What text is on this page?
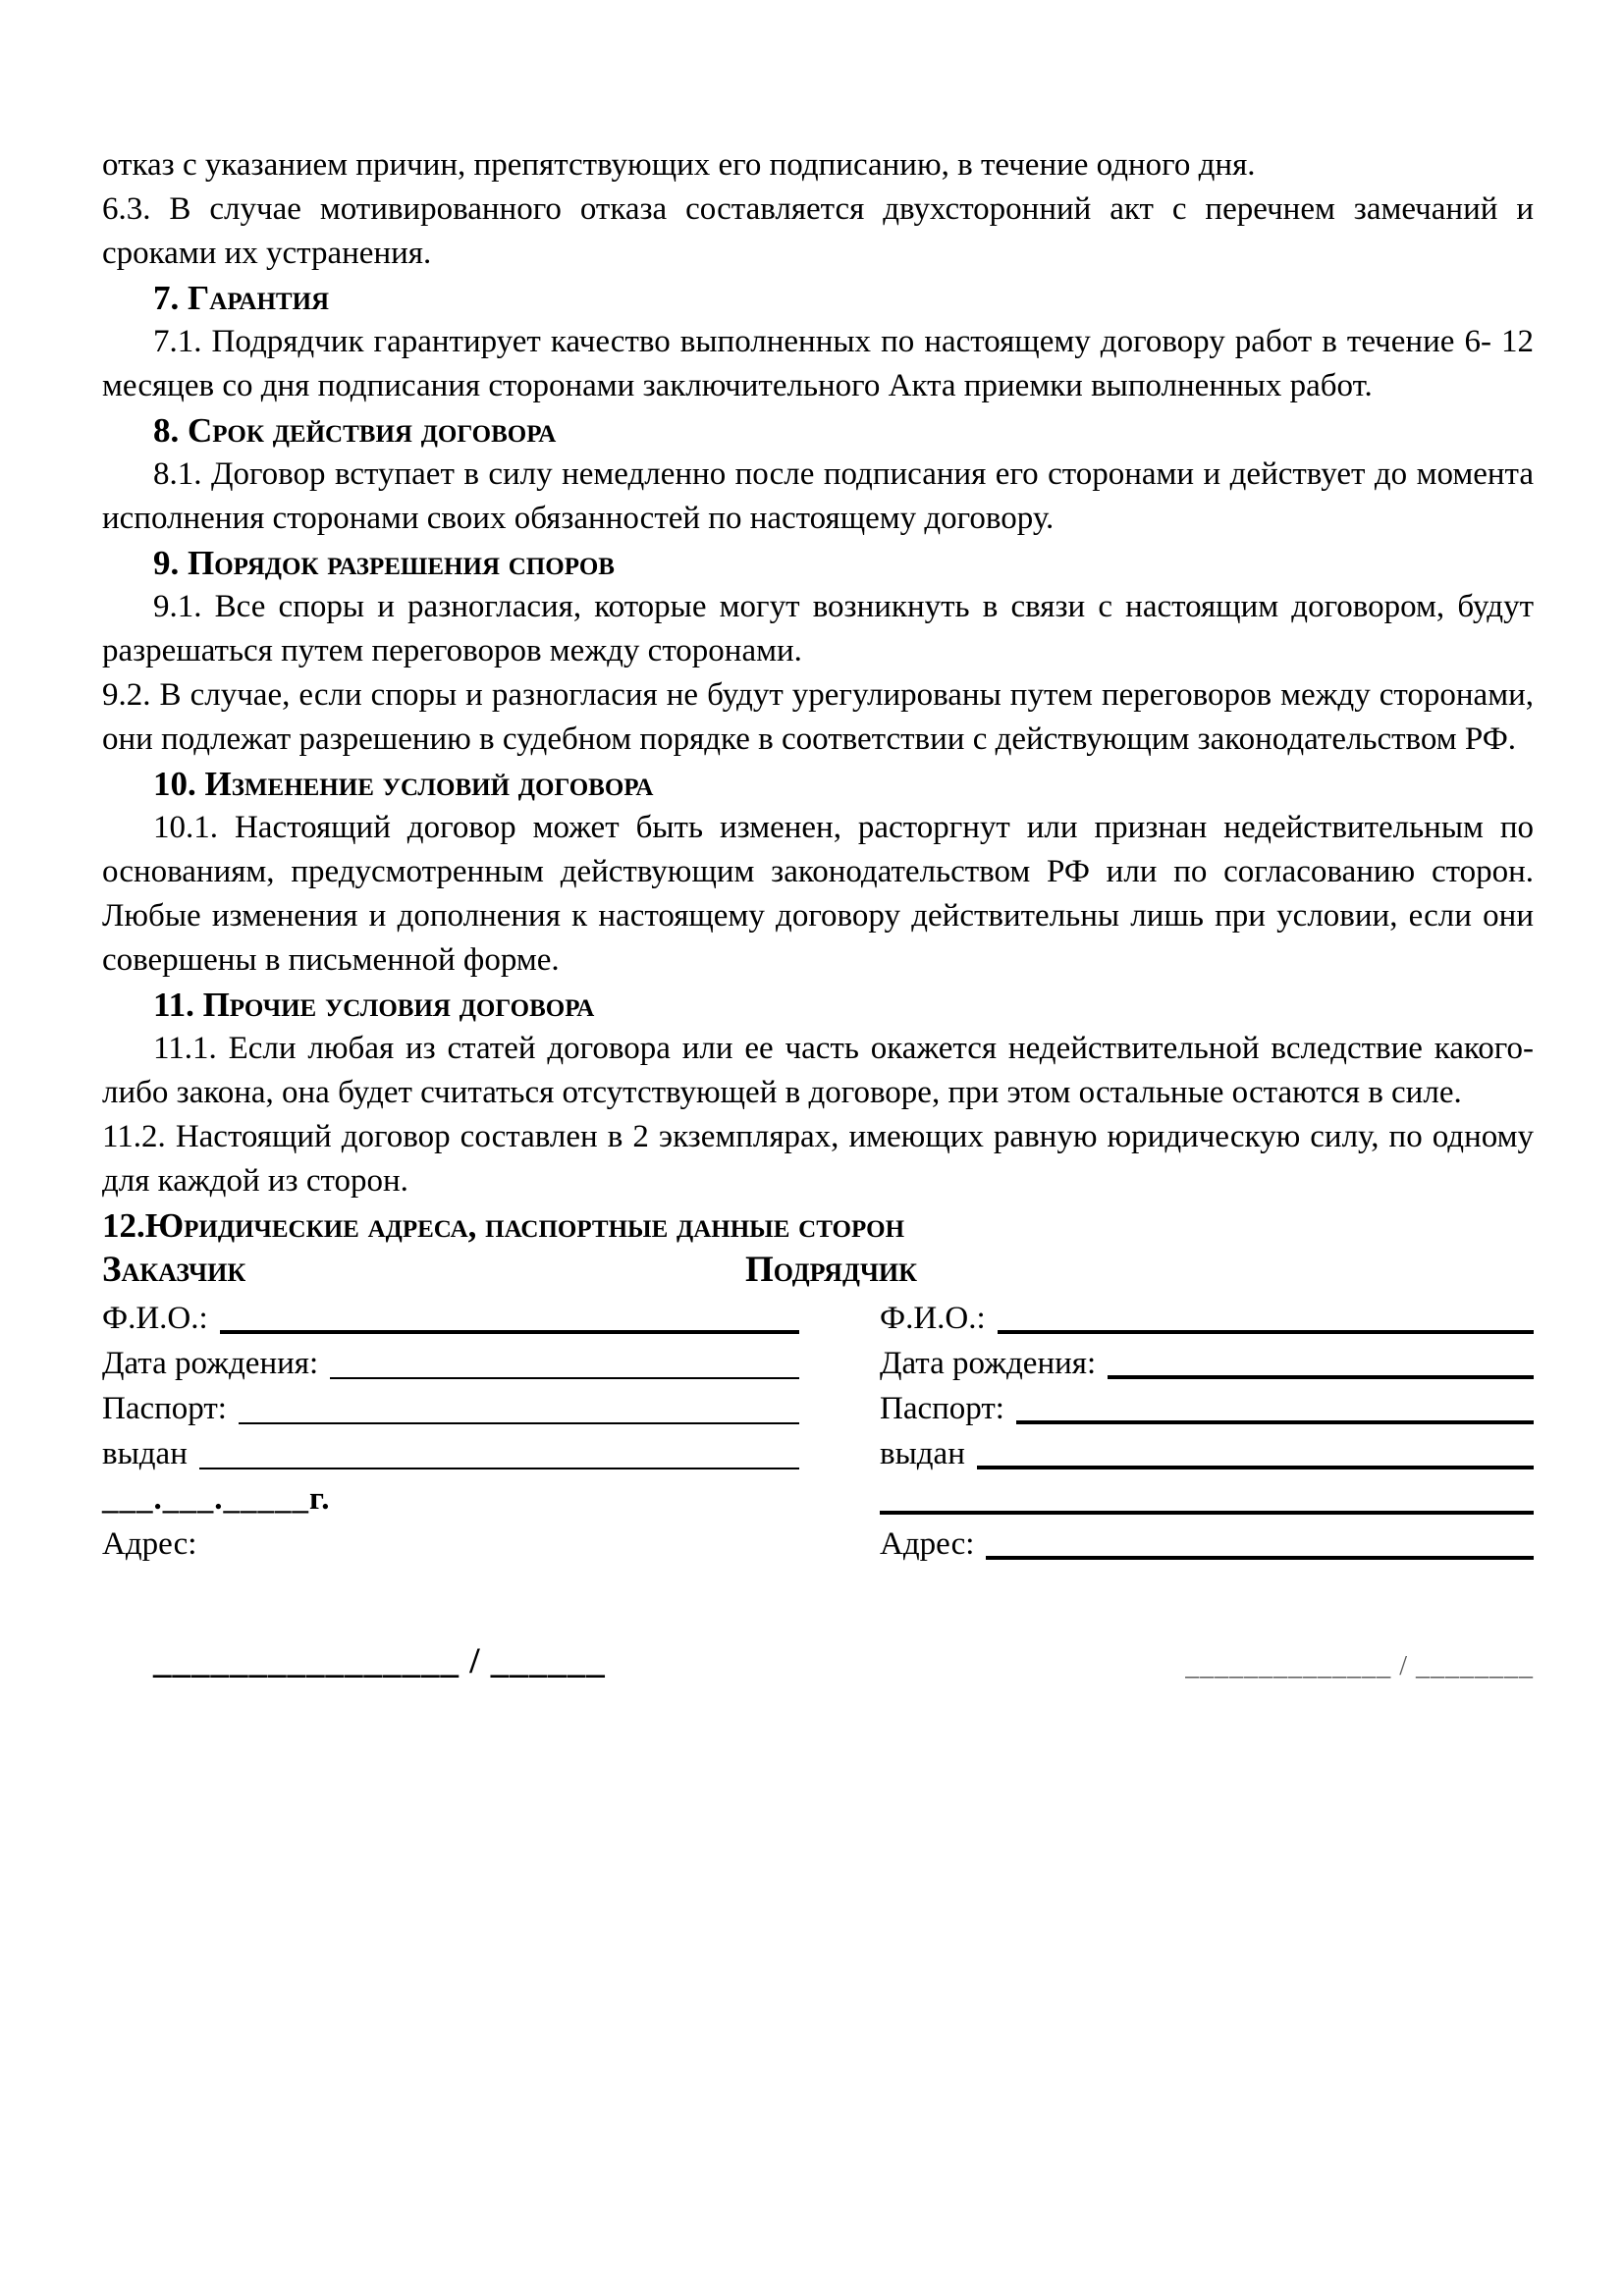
отказ с указанием причин, препятствующих его подписанию, в течение одного дня.

6.3. В случае мотивированного отказа составляется двухсторонний акт с перечнем замечаний и сроками их устранения.

7. Гарантия

7.1. Подрядчик гарантирует качество выполненных по настоящему договору работ в течение 6- 12 месяцев со дня подписания сторонами заключительного Акта приемки выполненных работ.

8. Срок действия договора

8.1. Договор вступает в силу немедленно после подписания его сторонами и действует до момента исполнения сторонами своих обязанностей по настоящему договору.

9. Порядок разрешения споров

9.1. Все споры и разногласия, которые могут возникнуть в связи с настоящим договором, будут разрешаться путем переговоров между сторонами.

9.2. В случае, если споры и разногласия не будут урегулированы путем переговоров между сторонами, они подлежат разрешению в судебном порядке в соответствии с действующим законодательством РФ.

10. Изменение условий договора

10.1. Настоящий договор может быть изменен, расторгнут или признан недействительным по основаниям, предусмотренным действующим законодательством РФ или по согласованию сторон. Любые изменения и дополнения к настоящему договору действительны лишь при условии, если они совершены в письменной форме.

11. Прочие условия договора

11.1. Если любая из статей договора или ее часть окажется недействительной вследствие какого-либо закона, она будет считаться отсутствующей в договоре, при этом остальные остаются в силе.

11.2. Настоящий договор составлен в 2 экземплярах, имеющих равную юридическую силу, по одному для каждой из сторон.

12.Юридические адреса, паспортные данные сторон
Заказчик	Подрядчик
Ф.И.О.:
Дата рождения:
Паспорт:
выдан
___.___._____г.
Адрес:
Ф.И.О.:
Дата рождения:
Паспорт:
выдан
Адрес:
________________ / ______	______________ / ________
